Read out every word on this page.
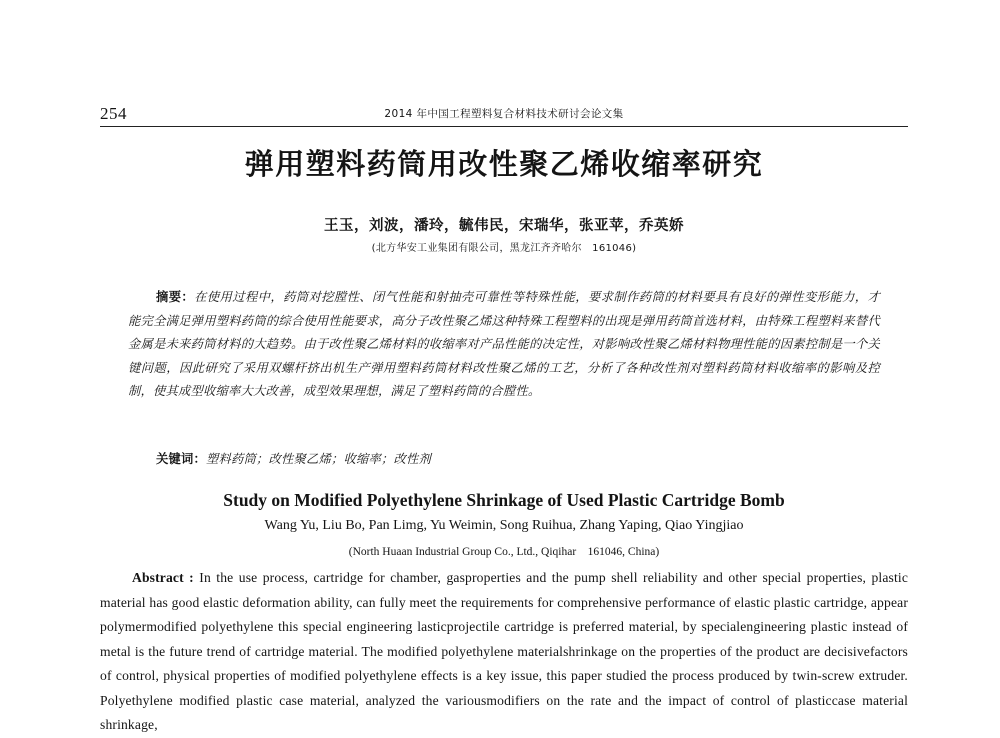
254	2014 年中国工程塑料复合材料技术研讨会论文集
弹用塑料药筒用改性聚乙烯收缩率研究
王玉，刘波，潘玲，毓伟民，宋瑞华，张亚苹，乔英娇
(北方华安工业集团有限公司，黑龙江齐齐哈尔　161046)

摘要：在使用过程中，药筒对挖膛性、闭气性能和射抽壳可靠性等特殊性能，要求制作药筒的材料要具有良好的弹性变形能力，才能完全满足弹用塑料药筒的综合使用性能要求，高分子改性聚乙烯这种特殊工程塑料的出现是弹用药筒首选材料，由特殊工程塑料来替代金属是未来药筒材料的大趋势。由于改性聚乙烯材料的收缩率对产品性能的决定性，对影响改性聚乙烯材料物理性能的因素控制是一个关键问题，因此研究了采用双螺杆挤出机生产弹用塑料药筒材料改性聚乙烯的工艺，分析了各种改性剂对塑料药筒材料收缩率的影响及控制，使其成型收缩率大大改善，成型效果理想，满足了塑料药筒的合膛性。

关键词：塑料药筒；改性聚乙烯；收缩率；改性剂
Study on Modified Polyethylene Shrinkage of Used Plastic Cartridge Bomb
Wang Yu, Liu Bo, Pan Limg, Yu Weimin, Song Ruihua, Zhang Yaping, Qiao Yingjiao
(North Huaan Industrial Group Co., Ltd., Qiqihar　161046, China)

Abstract : In the use process, cartridge for chamber, gasproperties and the pump shell reliability and other special properties, plastic material has good elastic deformation ability, can fully meet the requirements for comprehensive performance of elastic plastic cartridge, appear polymermodified polyethylene this special engineering lasticprojectile cartridge is preferred material, by specialengineering plastic instead of metal is the future trend of cartridge material. The modified polyethylene materialshrinkage on the properties of the product are decisivefactors of control, physical properties of modified polyethylene effects is a key issue, this paper studied the process produced by twin-screw extruder. Polyethylene modified plastic case material, analyzed the variousmodifiers on the rate and the impact of control of plasticcase material shrinkage,
